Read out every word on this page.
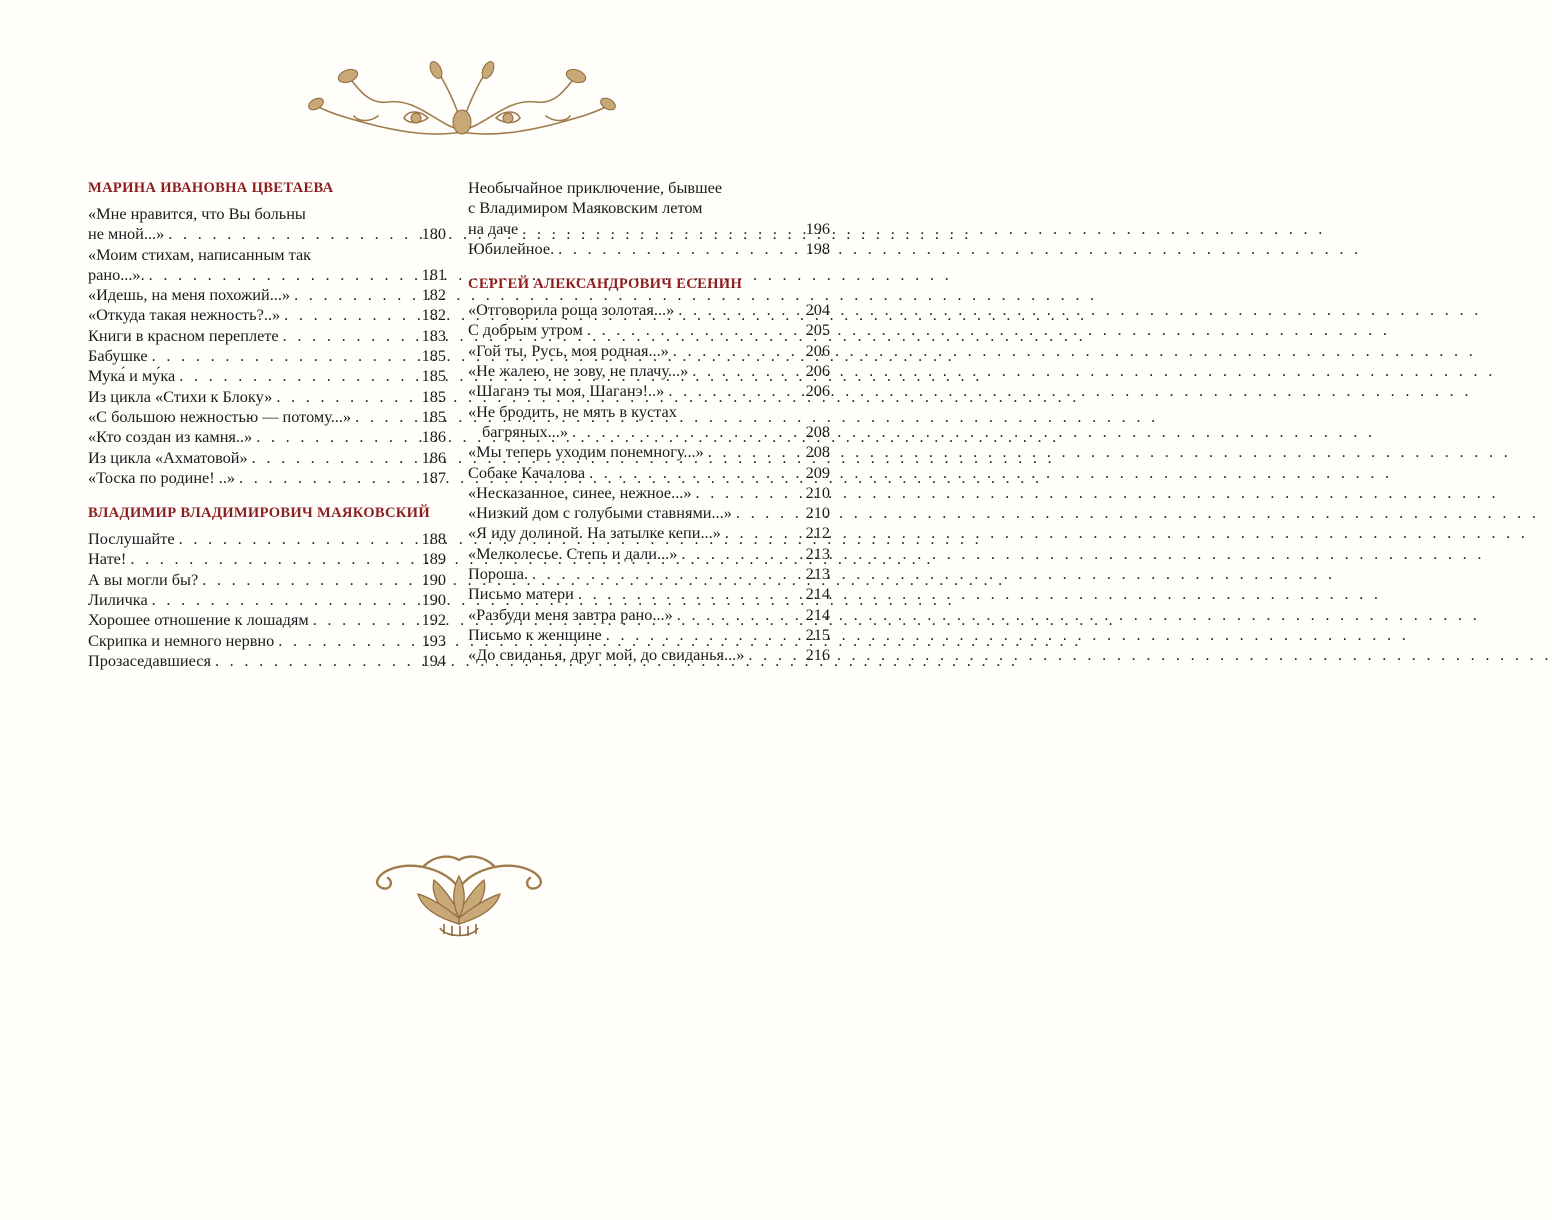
МАРИНА ИВАНОВНА ЦВЕТАЕВА
«Мне нравится, что Вы больны
не мной...» . . .	180
«Моим стихам, написанным так
рано...». . . .	181
«Идешь, на меня похожий...» . . .	182
«Откуда такая нежность?..» . . .	182
Книги в красном переплете . . .	183
Бабушке . . .	185
Мука́ и му́ка . . .	185
Из цикла «Стихи к Блоку» . . .	185
«С большою нежностью — потому...» . . .	185
«Кто создан из камня..» . . .	186
Из цикла «Ахматовой» . . .	186
«Тоска по родине! ..» . . .	187
ВЛАДИМИР ВЛАДИМИРОВИЧ МАЯКОВСКИЙ
Послушайте . . .	188
Нате! . . .	189
А вы могли бы? . . .	190
Лиличка . . .	190
Хорошее отношение к лошадям . . .	192
Скрипка и немного нервно . . .	193
Прозаседавшиеся . . .	194
Необычайное приключение, бывшее
с Владимиром Маяковским летом
на даче . . .	196
Юбилейное. . . .	198
СЕРГЕЙ АЛЕКСАНДРОВИЧ ЕСЕНИН
«Отговорила роща золотая...» . . .	204
С добрым утром . . .	205
«Гой ты, Русь, моя родная...» . . .	206
«Не жалею, не зову, не плачу...» . . .	206
«Шаганэ ты моя, Шаганэ!..» . . .	206
«Не бродить, не мять в кустах
багряных...» . . .	208
«Мы теперь уходим понемногу...» . . .	208
Собаке Качалова . . .	209
«Несказанное, синее, нежное...» . . .	210
«Низкий дом с голубыми ставнями...» . . .	210
«Я иду долиной. На затылке кепи...» . . .	212
«Мелколесье. Степь и дали...» . . .	213
Пороша. . . .	213
Письмо матери . . .	214
«Разбуди меня завтра рано...» . . .	214
Письмо к женщине . . .	215
«До свиданья, друг мой, до свиданья...» . . .	216
